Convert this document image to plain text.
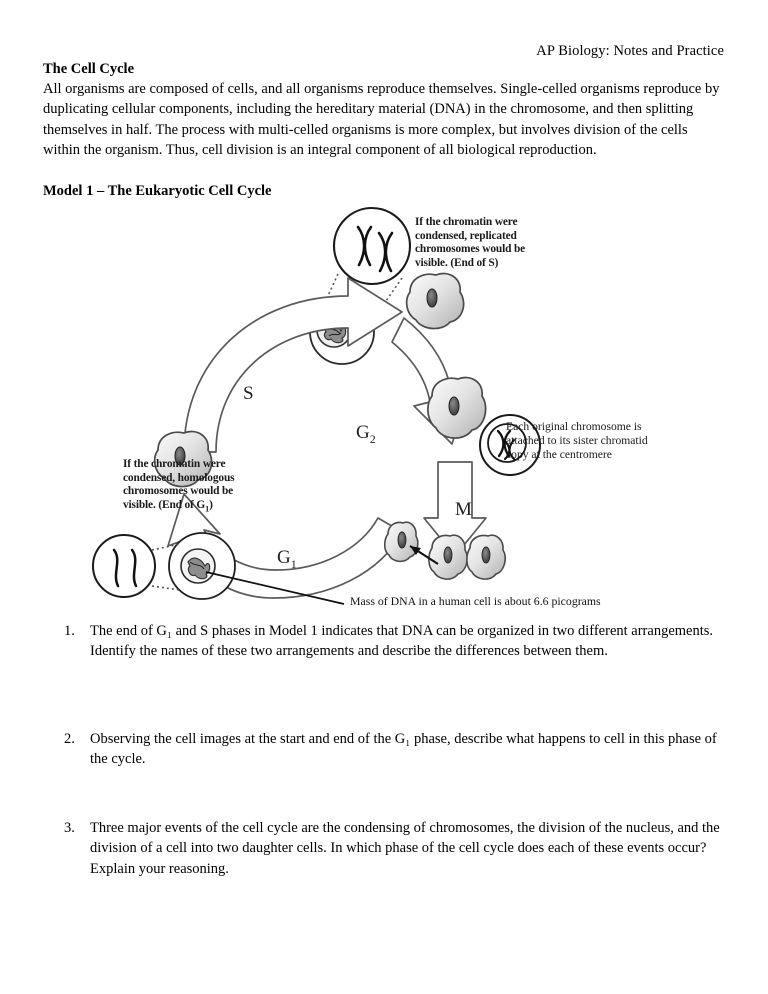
AP Biology: Notes and Practice
The Cell Cycle
All organisms are composed of cells, and all organisms reproduce themselves. Single-celled organisms reproduce by duplicating cellular components, including the hereditary material (DNA) in the chromosome, and then splitting themselves in half. The process with multi-celled organisms is more complex, but involves division of the cells within the organism. Thus, cell division is an integral component of all biological reproduction.
Model 1 – The Eukaryotic Cell Cycle
S
$G_2$
M
$G_1$
If the chromatin were condensed, replicated chromosomes would be visible. (End of S)
Each original chromosome is attached to its sister chromatid copy at the centromere
If the chromatin were condensed, homologous chromosomes would be visible. (End of $G_1$)
Mass of DNA in a human cell is about 6.6 picograms
1.	The end of G₁ and S phases in Model 1 indicates that DNA can be organized in two different arrangements. Identify the names of these two arrangements and describe the differences between them.
2.	Observing the cell images at the start and end of the G₁ phase, describe what happens to cell in this phase of the cycle.
3.	Three major events of the cell cycle are the condensing of chromosomes, the division of the nucleus, and the division of a cell into two daughter cells. In which phase of the cell cycle does each of these events occur? Explain your reasoning.
